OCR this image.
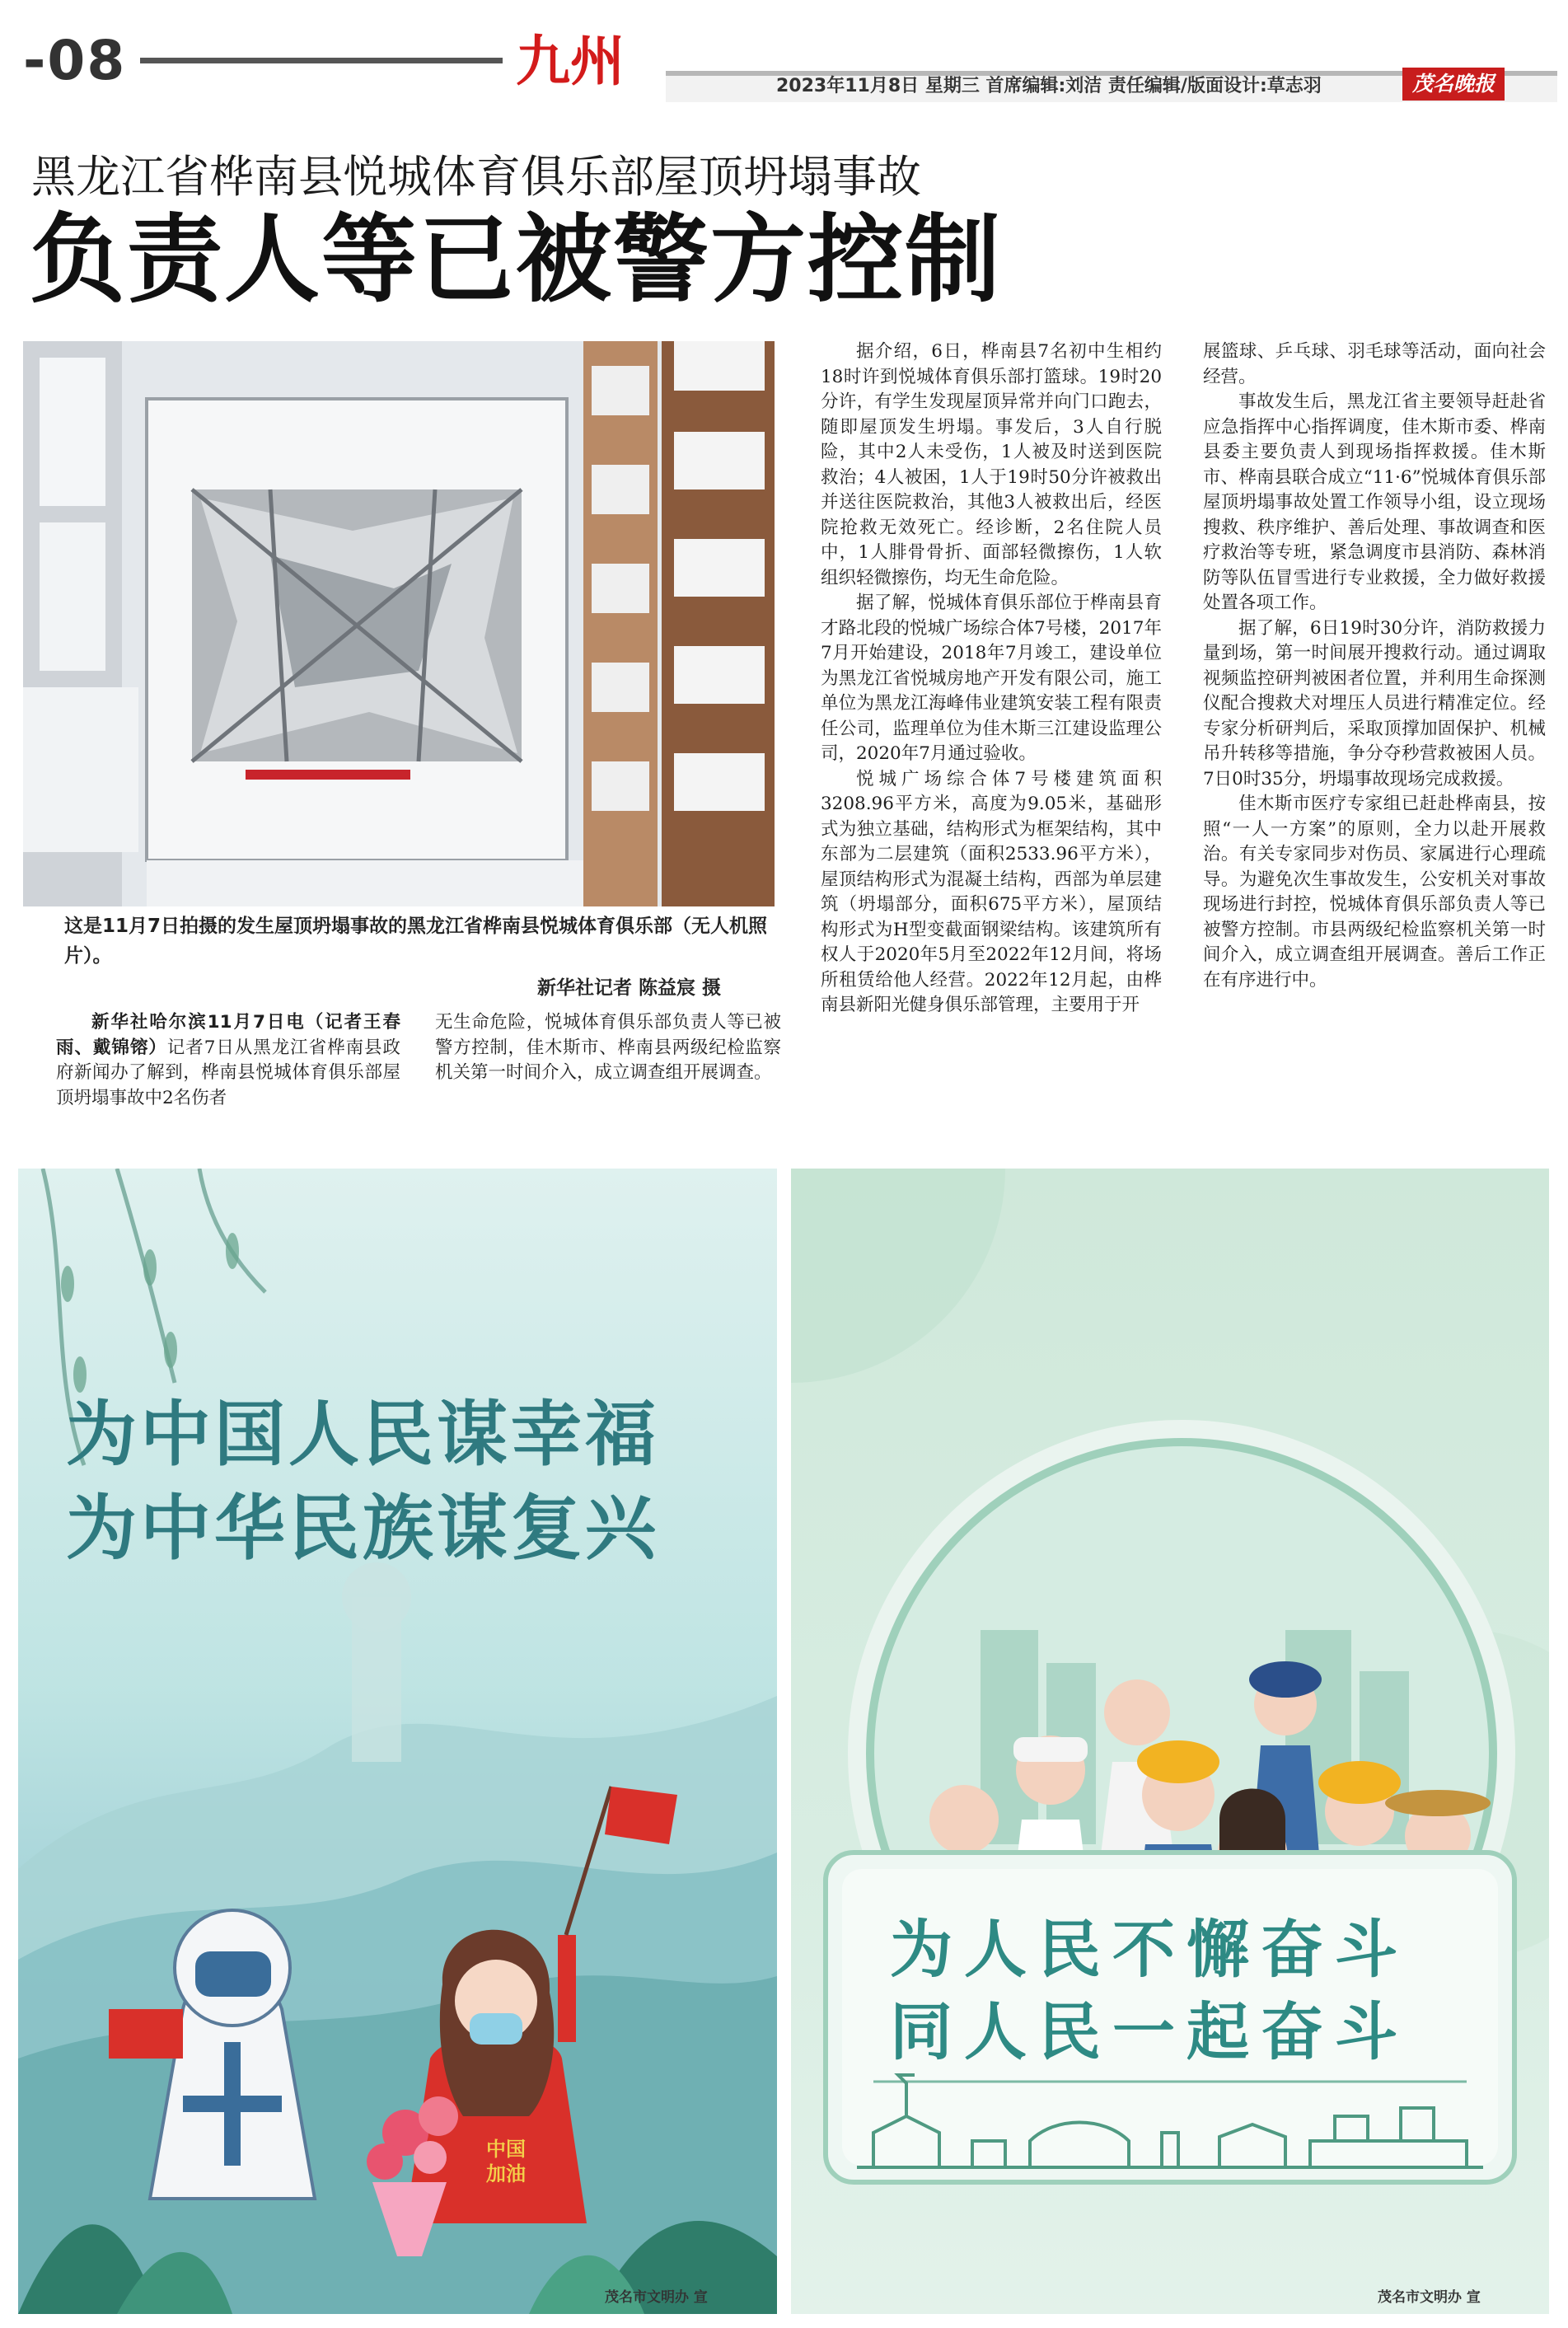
-08	九州	2023年11月8日 星期三 首席编辑:刘洁 责任编辑/版面设计:草志羽	茂名晚报
黑龙江省桦南县悦城体育俱乐部屋顶坍塌事故
负责人等已被警方控制
这是11月7日拍摄的发生屋顶坍塌事故的黑龙江省桦南县悦城体育俱乐部（无人机照片）。
新华社记者 陈益宸 摄

新华社哈尔滨11月7日电（记者王春雨、戴锦镕）记者7日从黑龙江省桦南县政府新闻办了解到，桦南县悦城体育俱乐部屋顶坍塌事故中2名伤者

无生命危险，悦城体育俱乐部负责人等已被警方控制，佳木斯市、桦南县两级纪检监察机关第一时间介入，成立调查组开展调查。

据介绍，6日，桦南县7名初中生相约18时许到悦城体育俱乐部打篮球。19时20分许，有学生发现屋顶异常并向门口跑去，随即屋顶发生坍塌。事发后，3人自行脱险，其中2人未受伤，1人被及时送到医院救治；4人被困，1人于19时50分许被救出并送往医院救治，其他3人被救出后，经医院抢救无效死亡。经诊断，2名住院人员中，1人腓骨骨折、面部轻微擦伤，1人软组织轻微擦伤，均无生命危险。

据了解，悦城体育俱乐部位于桦南县育才路北段的悦城广场综合体7号楼，2017年7月开始建设，2018年7月竣工，建设单位为黑龙江省悦城房地产开发有限公司，施工单位为黑龙江海峰伟业建筑安装工程有限责任公司，监理单位为佳木斯三江建设监理公司，2020年7月通过验收。

悦城广场综合体7号楼建筑面积3208.96平方米，高度为9.05米，基础形式为独立基础，结构形式为框架结构，其中东部为二层建筑（面积2533.96平方米），屋顶结构形式为混凝土结构，西部为单层建筑（坍塌部分，面积675平方米），屋顶结构形式为H型变截面钢梁结构。该建筑所有权人于2020年5月至2022年12月间，将场所租赁给他人经营。2022年12月起，由桦南县新阳光健身俱乐部管理，主要用于开

展篮球、乒乓球、羽毛球等活动，面向社会经营。

事故发生后，黑龙江省主要领导赶赴省应急指挥中心指挥调度，佳木斯市委、桦南县委主要负责人到现场指挥救援。佳木斯市、桦南县联合成立“11·6”悦城体育俱乐部屋顶坍塌事故处置工作领导小组，设立现场搜救、秩序维护、善后处理、事故调查和医疗救治等专班，紧急调度市县消防、森林消防等队伍冒雪进行专业救援，全力做好救援处置各项工作。

据了解，6日19时30分许，消防救援力量到场，第一时间展开搜救行动。通过调取视频监控研判被困者位置，并利用生命探测仪配合搜救犬对埋压人员进行精准定位。经专家分析研判后，采取顶撑加固保护、机械吊升转移等措施，争分夺秒营救被困人员。7日0时35分，坍塌事故现场完成救援。

佳木斯市医疗专家组已赶赴桦南县，按照“一人一方案”的原则，全力以赴开展救治。有关专家同步对伤员、家属进行心理疏导。为避免次生事故发生，公安机关对事故现场进行封控，悦城体育俱乐部负责人等已被警方控制。市县两级纪检监察机关第一时间介入，成立调查组开展调查。善后工作正在有序进行中。

为中国人民谋幸福
为中华民族谋复兴
中国加油
茂名市文明办 宣
为人民不懈奋斗
同人民一起奋斗
茂名市文明办 宣
